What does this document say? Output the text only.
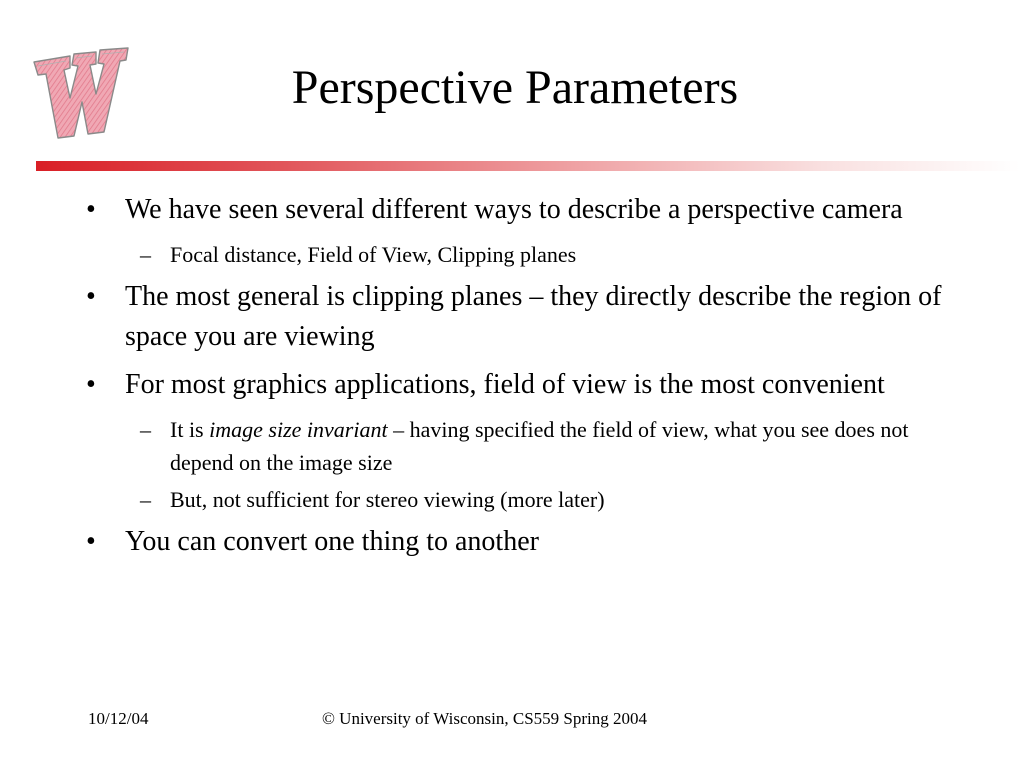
Perspective Parameters
• We have seen several different ways to describe a perspective camera
– Focal distance, Field of View, Clipping planes
• The most general is clipping planes – they directly describe the region of space you are viewing
• For most graphics applications, field of view is the most convenient
– It is image size invariant – having specified the field of view, what you see does not depend on the image size
– But, not sufficient for stereo viewing (more later)
• You can convert one thing to another
10/12/04	© University of Wisconsin, CS559 Spring 2004
